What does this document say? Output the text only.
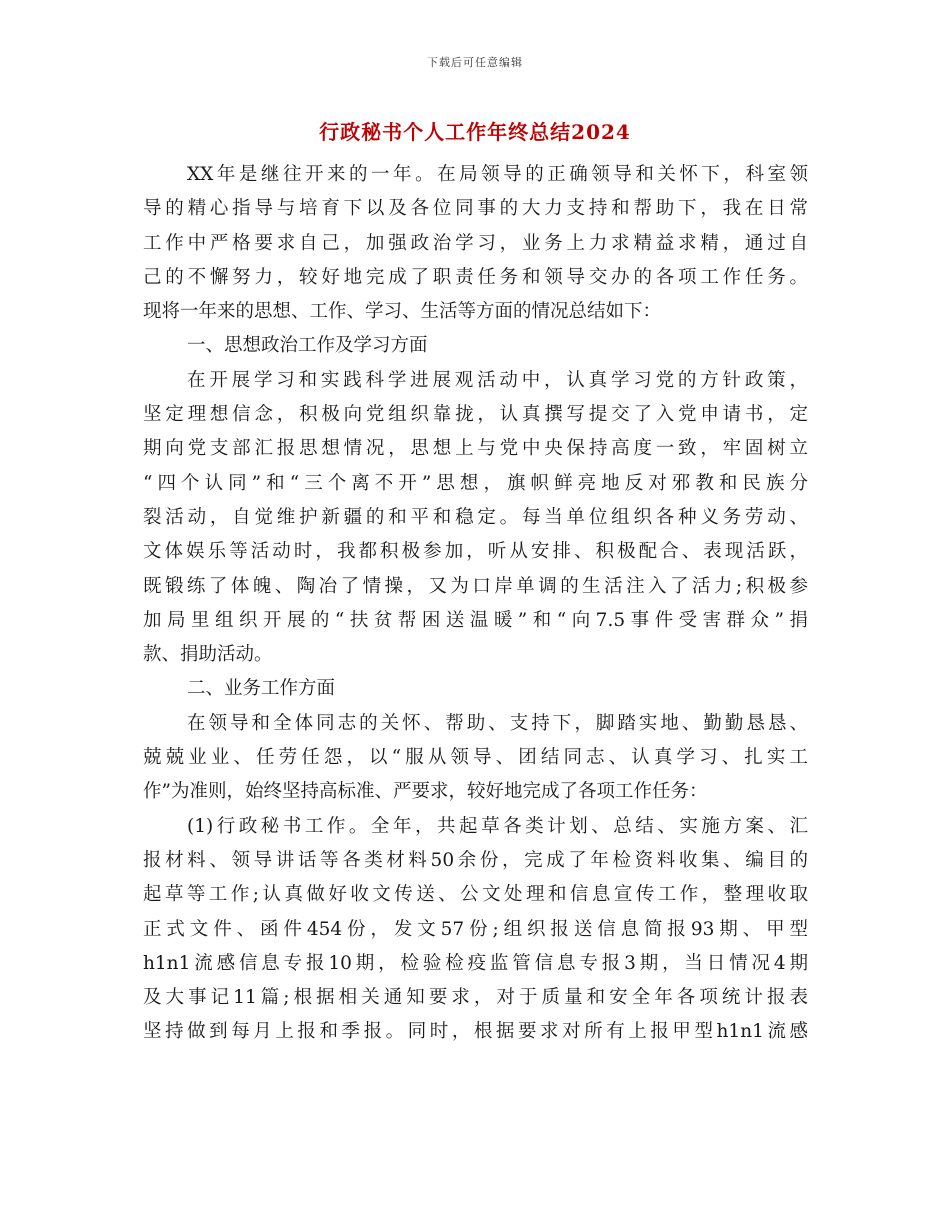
下载后可任意编辑
行政秘书个人工作年终总结2024
XX年是继往开来的一年。在局领导的正确领导和关怀下，科室领
导的精心指导与培育下以及各位同事的大力支持和帮助下，我在日常
工作中严格要求自己，加强政治学习，业务上力求精益求精，通过自
己的不懈努力，较好地完成了职责任务和领导交办的各项工作任务。
现将一年来的思想、工作、学习、生活等方面的情况总结如下：
一、思想政治工作及学习方面
在开展学习和实践科学进展观活动中，认真学习党的方针政策，
坚定理想信念，积极向党组织靠拢，认真撰写提交了入党申请书，定
期向党支部汇报思想情况，思想上与党中央保持高度一致，牢固树立
“四个认同”和“三个离不开”思想，旗帜鲜亮地反对邪教和民族分
裂活动，自觉维护新疆的和平和稳定。每当单位组织各种义务劳动、
文体娱乐等活动时，我都积极参加，听从安排、积极配合、表现活跃，
既锻练了体魄、陶冶了情操，又为口岸单调的生活注入了活力;积极参
加局里组织开展的“扶贫帮困送温暖”和“向7.5事件受害群众”捐
款、捐助活动。
二、业务工作方面
在领导和全体同志的关怀、帮助、支持下，脚踏实地、勤勤恳恳、
兢兢业业、任劳任怨，以“服从领导、团结同志、认真学习、扎实工
作”为准则，始终坚持高标准、严要求，较好地完成了各项工作任务：
(1)行政秘书工作。全年，共起草各类计划、总结、实施方案、汇
报材料、领导讲话等各类材料50余份，完成了年检资料收集、编目的
起草等工作;认真做好收文传送、公文处理和信息宣传工作，整理收取
正式文件、函件454份，发文57份;组织报送信息简报93期、甲型
h1n1流感信息专报10期，检验检疫监管信息专报3期，当日情况4期
及大事记11篇;根据相关通知要求，对于质量和安全年各项统计报表
坚持做到每月上报和季报。同时，根据要求对所有上报甲型h1n1流感
